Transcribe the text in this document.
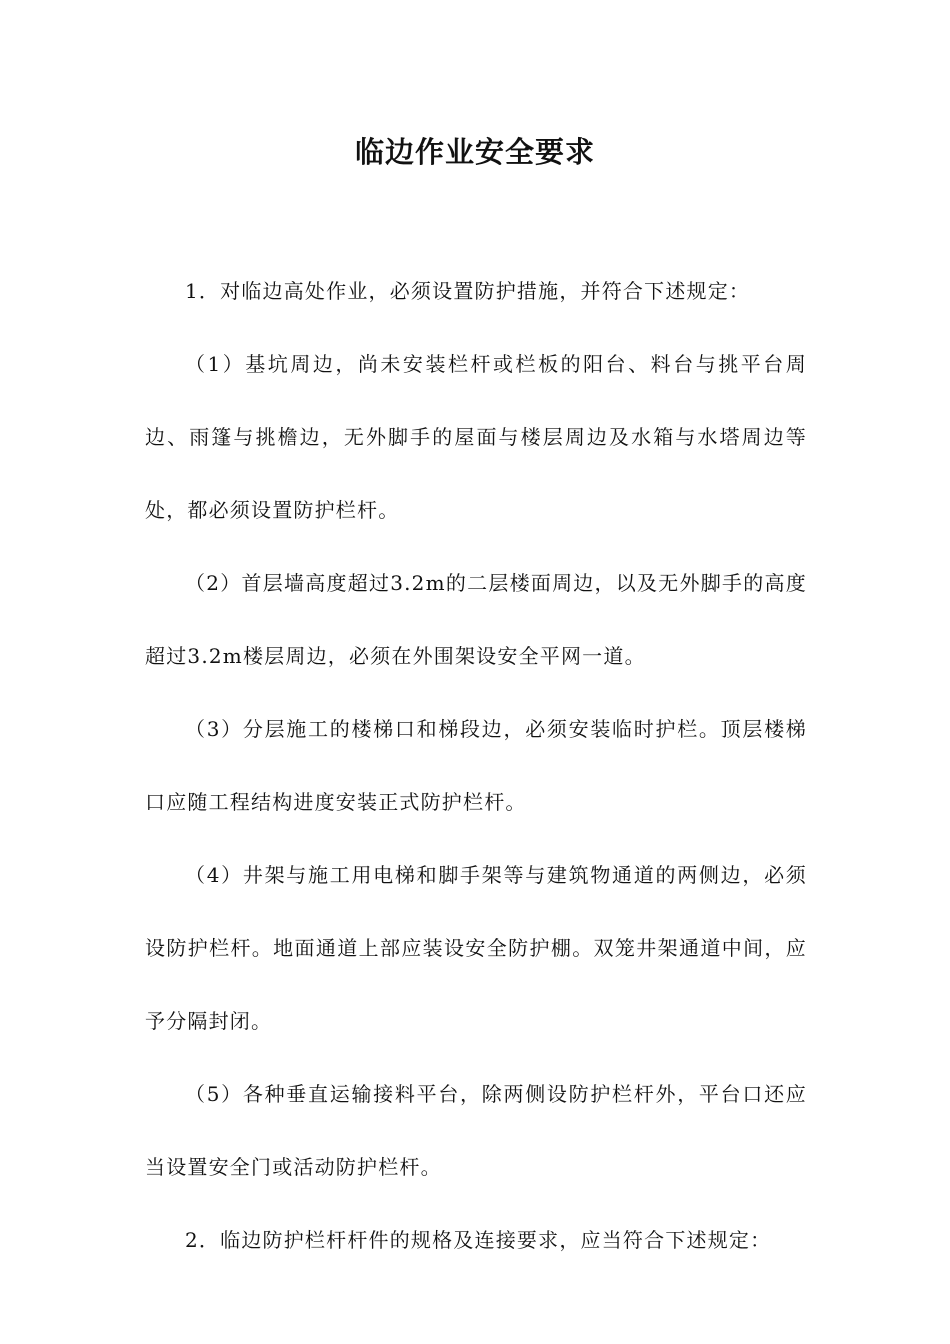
临边作业安全要求

1．对临边高处作业，必须设置防护措施，并符合下述规定：

（1）基坑周边，尚未安装栏杆或栏板的阳台、料台与挑平台周边、雨篷与挑檐边，无外脚手的屋面与楼层周边及水箱与水塔周边等处，都必须设置防护栏杆。

（2）首层墙高度超过3.2m的二层楼面周边，以及无外脚手的高度超过3.2m楼层周边，必须在外围架设安全平网一道。

（3）分层施工的楼梯口和梯段边，必须安装临时护栏。顶层楼梯口应随工程结构进度安装正式防护栏杆。

（4）井架与施工用电梯和脚手架等与建筑物通道的两侧边，必须设防护栏杆。地面通道上部应装设安全防护棚。双笼井架通道中间，应予分隔封闭。

（5）各种垂直运输接料平台，除两侧设防护栏杆外，平台口还应当设置安全门或活动防护栏杆。

2．临边防护栏杆杆件的规格及连接要求，应当符合下述规定：
